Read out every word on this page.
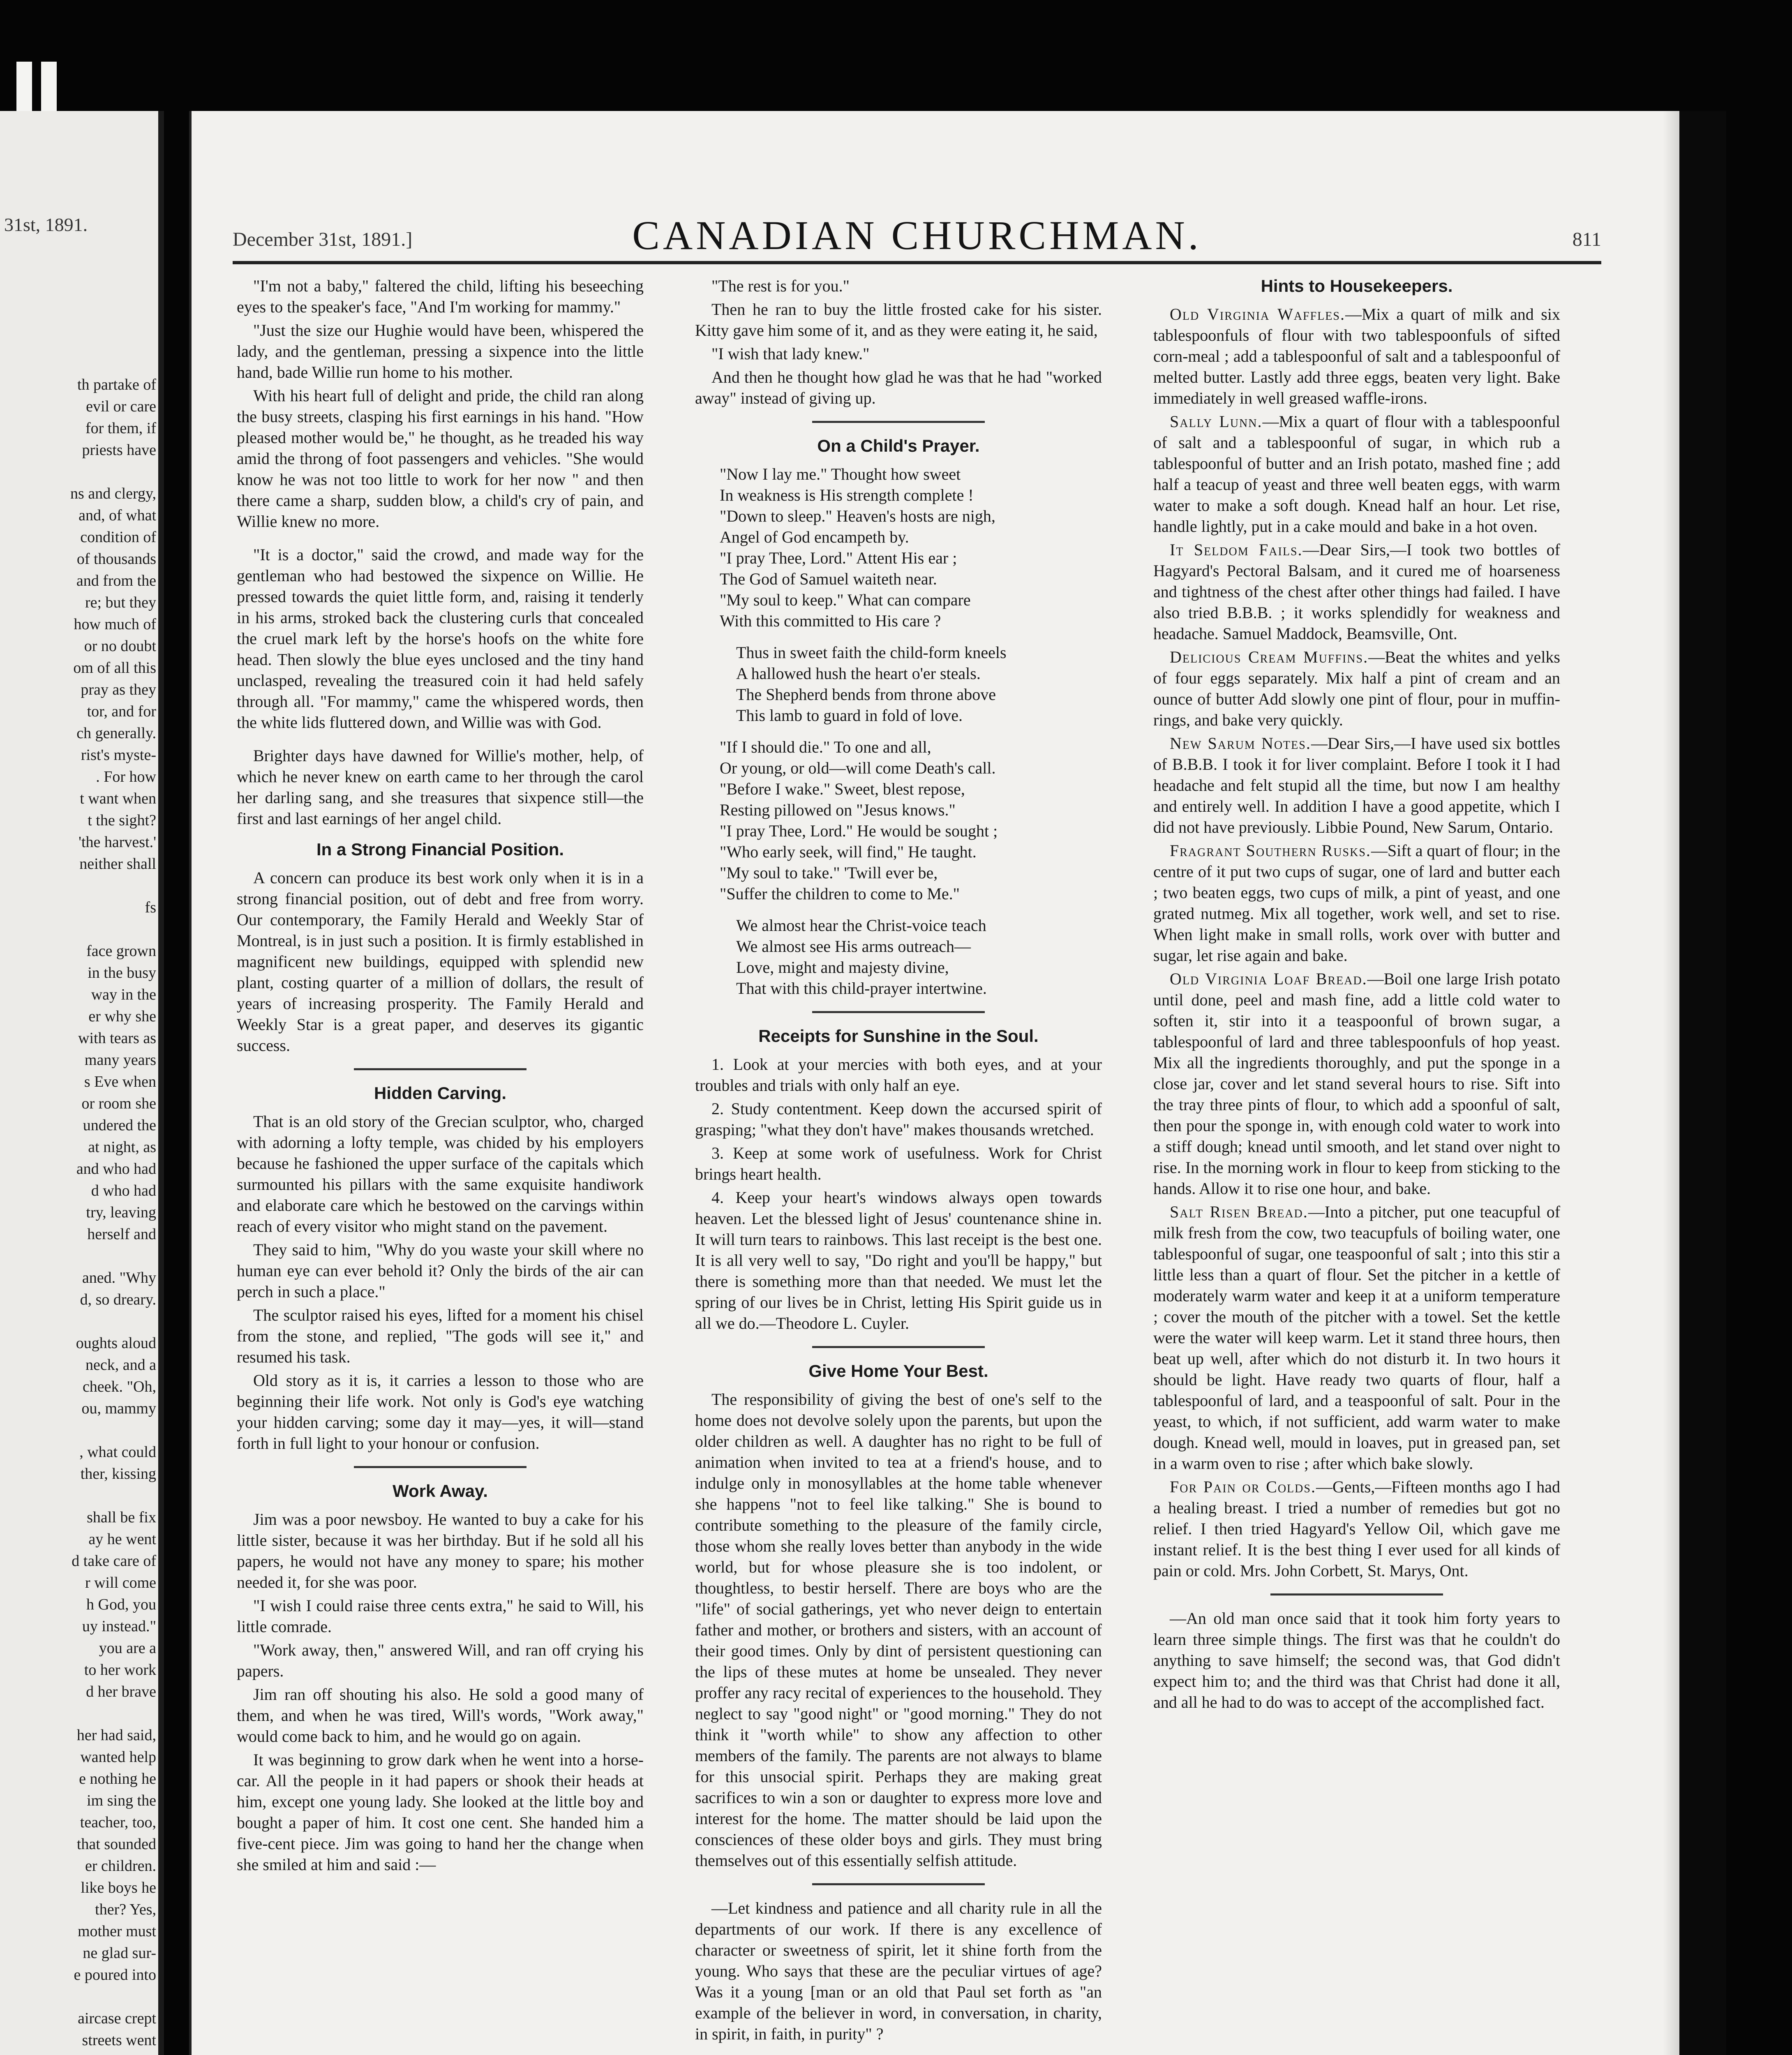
31st, 1891.
th partake of
evil or care
for them, if
priests have

ns and clergy,
and, of what
condition of
of thousands
and from the
re; but they
how much of
or no doubt
om of all this
pray as they
tor, and for
ch generally.
rist's myste-
. For how
t want when
t the sight?
'the harvest.'
neither shall

fs

face grown
in the busy
way in the
er why she
with tears as
many years
s Eve when
or room she
undered the
at night, as
and who had
d who had
try, leaving
herself and

aned. "Why
d, so dreary.

oughts aloud
neck, and a
cheek. "Oh,
ou, mammy

, what could
ther, kissing

shall be fix
ay he went
d take care of
r will come
h God, you
uy instead."
you are a
to her work
d her brave

her had said,
wanted help
e nothing he
im sing the
teacher, too,
that sounded
er children.
like boys he
ther? Yes,
mother must
ne glad sur-
e poured into

aircase crept
streets went

December 31st, 1891.]	CANADIAN CHURCHMAN.	811

"I'm not a baby," faltered the child, lifting his beseeching eyes to the speaker's face, "And I'm working for mammy."

"Just the size our Hughie would have been, whispered the lady, and the gentleman, pressing a sixpence into the little hand, bade Willie run home to his mother.

With his heart full of delight and pride, the child ran along the busy streets, clasping his first earnings in his hand. "How pleased mother would be," he thought, as he treaded his way amid the throng of foot passengers and vehicles. "She would know he was not too little to work for her now " and then there came a sharp, sudden blow, a child's cry of pain, and Willie knew no more.

"It is a doctor," said the crowd, and made way for the gentleman who had bestowed the sixpence on Willie. He pressed towards the quiet little form, and, raising it tenderly in his arms, stroked back the clustering curls that concealed the cruel mark left by the horse's hoofs on the white fore head. Then slowly the blue eyes unclosed and the tiny hand unclasped, revealing the treasured coin it had held safely through all. "For mammy," came the whispered words, then the white lids fluttered down, and Willie was with God.

Brighter days have dawned for Willie's mother, help, of which he never knew on earth came to her through the carol her darling sang, and she treasures that sixpence still—the first and last earnings of her angel child.

In a Strong Financial Position.

A concern can produce its best work only when it is in a strong financial position, out of debt and free from worry. Our contemporary, the Family Herald and Weekly Star of Montreal, is in just such a position. It is firmly established in magnificent new buildings, equipped with splendid new plant, costing quarter of a million of dollars, the result of years of increasing prosperity. The Family Herald and Weekly Star is a great paper, and deserves its gigantic success.

Hidden Carving.

That is an old story of the Grecian sculptor, who, charged with adorning a lofty temple, was chided by his employers because he fashioned the upper surface of the capitals which surmounted his pillars with the same exquisite handiwork and elaborate care which he bestowed on the carvings within reach of every visitor who might stand on the pavement.

They said to him, "Why do you waste your skill where no human eye can ever behold it? Only the birds of the air can perch in such a place."

The sculptor raised his eyes, lifted for a moment his chisel from the stone, and replied, "The gods will see it," and resumed his task.

Old story as it is, it carries a lesson to those who are beginning their life work. Not only is God's eye watching your hidden carving; some day it may—yes, it will—stand forth in full light to your honour or confusion.

Work Away.

Jim was a poor newsboy. He wanted to buy a cake for his little sister, because it was her birthday. But if he sold all his papers, he would not have any money to spare; his mother needed it, for she was poor.

"I wish I could raise three cents extra," he said to Will, his little comrade.

"Work away, then," answered Will, and ran off crying his papers.

Jim ran off shouting his also. He sold a good many of them, and when he was tired, Will's words, "Work away," would come back to him, and he would go on again.

It was beginning to grow dark when he went into a horse-car. All the people in it had papers or shook their heads at him, except one young lady. She looked at the little boy and bought a paper of him. It cost one cent. She handed him a five-cent piece. Jim was going to hand her the change when she smiled at him and said :—

"The rest is for you."

Then he ran to buy the little frosted cake for his sister. Kitty gave him some of it, and as they were eating it, he said,

"I wish that lady knew."

And then he thought how glad he was that he had "worked away" instead of giving up.

On a Child's Prayer.
"Now I lay me." Thought how sweet
In weakness is His strength complete !
"Down to sleep." Heaven's hosts are nigh,
Angel of God encampeth by.
"I pray Thee, Lord." Attent His ear ;
The God of Samuel waiteth near.
"My soul to keep." What can compare
With this committed to His care ?
Thus in sweet faith the child-form kneels
A hallowed hush the heart o'er steals.
The Shepherd bends from throne above
This lamb to guard in fold of love.
"If I should die." To one and all,
Or young, or old—will come Death's call.
"Before I wake." Sweet, blest repose,
Resting pillowed on "Jesus knows."
"I pray Thee, Lord." He would be sought ;
"Who early seek, will find," He taught.
"My soul to take." 'Twill ever be,
"Suffer the children to come to Me."
We almost hear the Christ-voice teach
We almost see His arms outreach—
Love, might and majesty divine,
That with this child-prayer intertwine.
Receipts for Sunshine in the Soul.

1. Look at your mercies with both eyes, and at your troubles and trials with only half an eye.

2. Study contentment. Keep down the accursed spirit of grasping; "what they don't have" makes thousands wretched.

3. Keep at some work of usefulness. Work for Christ brings heart health.

4. Keep your heart's windows always open towards heaven. Let the blessed light of Jesus' countenance shine in. It will turn tears to rainbows. This last receipt is the best one. It is all very well to say, "Do right and you'll be happy," but there is something more than that needed. We must let the spring of our lives be in Christ, letting His Spirit guide us in all we do.—Theodore L. Cuyler.

Give Home Your Best.

The responsibility of giving the best of one's self to the home does not devolve solely upon the parents, but upon the older children as well. A daughter has no right to be full of animation when invited to tea at a friend's house, and to indulge only in monosyllables at the home table whenever she happens "not to feel like talking." She is bound to contribute something to the pleasure of the family circle, those whom she really loves better than anybody in the wide world, but for whose pleasure she is too indolent, or thoughtless, to bestir herself. There are boys who are the "life" of social gatherings, yet who never deign to entertain father and mother, or brothers and sisters, with an account of their good times. Only by dint of persistent questioning can the lips of these mutes at home be unsealed. They never proffer any racy recital of experiences to the household. They neglect to say "good night" or "good morning." They do not think it "worth while" to show any affection to other members of the family. The parents are not always to blame for this unsocial spirit. Perhaps they are making great sacrifices to win a son or daughter to express more love and interest for the home. The matter should be laid upon the consciences of these older boys and girls. They must bring themselves out of this essentially selfish attitude.

—Let kindness and patience and all charity rule in all the departments of our work. If there is any excellence of character or sweetness of spirit, let it shine forth from the young. Who says that these are the peculiar virtues of age? Was it a young [man or an old that Paul set forth as "an example of the believer in word, in conversation, in charity, in spirit, in faith, in purity" ?

Hints to Housekeepers.

Old Virginia Waffles.—Mix a quart of milk and six tablespoonfuls of flour with two tablespoonfuls of sifted corn-meal ; add a tablespoonful of salt and a tablespoonful of melted butter. Lastly add three eggs, beaten very light. Bake immediately in well greased waffle-irons.

Sally Lunn.—Mix a quart of flour with a tablespoonful of salt and a tablespoonful of sugar, in which rub a tablespoonful of butter and an Irish potato, mashed fine ; add half a teacup of yeast and three well beaten eggs, with warm water to make a soft dough. Knead half an hour. Let rise, handle lightly, put in a cake mould and bake in a hot oven.

It Seldom Fails.—Dear Sirs,—I took two bottles of Hagyard's Pectoral Balsam, and it cured me of hoarseness and tightness of the chest after other things had failed. I have also tried B.B.B. ; it works splendidly for weakness and headache. Samuel Maddock, Beamsville, Ont.

Delicious Cream Muffins.—Beat the whites and yelks of four eggs separately. Mix half a pint of cream and an ounce of butter Add slowly one pint of flour, pour in muffin-rings, and bake very quickly.

New Sarum Notes.—Dear Sirs,—I have used six bottles of B.B.B. I took it for liver complaint. Before I took it I had headache and felt stupid all the time, but now I am healthy and entirely well. In addition I have a good appetite, which I did not have previously. Libbie Pound, New Sarum, Ontario.

Fragrant Southern Rusks.—Sift a quart of flour; in the centre of it put two cups of sugar, one of lard and butter each ; two beaten eggs, two cups of milk, a pint of yeast, and one grated nutmeg. Mix all together, work well, and set to rise. When light make in small rolls, work over with butter and sugar, let rise again and bake.

Old Virginia Loaf Bread.—Boil one large Irish potato until done, peel and mash fine, add a little cold water to soften it, stir into it a teaspoonful of brown sugar, a tablespoonful of lard and three tablespoonfuls of hop yeast. Mix all the ingredients thoroughly, and put the sponge in a close jar, cover and let stand several hours to rise. Sift into the tray three pints of flour, to which add a spoonful of salt, then pour the sponge in, with enough cold water to work into a stiff dough; knead until smooth, and let stand over night to rise. In the morning work in flour to keep from sticking to the hands. Allow it to rise one hour, and bake.

Salt Risen Bread.—Into a pitcher, put one teacupful of milk fresh from the cow, two teacupfuls of boiling water, one tablespoonful of sugar, one teaspoonful of salt ; into this stir a little less than a quart of flour. Set the pitcher in a kettle of moderately warm water and keep it at a uniform temperature ; cover the mouth of the pitcher with a towel. Set the kettle were the water will keep warm. Let it stand three hours, then beat up well, after which do not disturb it. In two hours it should be light. Have ready two quarts of flour, half a tablespoonful of lard, and a teaspoonful of salt. Pour in the yeast, to which, if not sufficient, add warm water to make dough. Knead well, mould in loaves, put in greased pan, set in a warm oven to rise ; after which bake slowly.

For Pain or Colds.—Gents,—Fifteen months ago I had a healing breast. I tried a number of remedies but got no relief. I then tried Hagyard's Yellow Oil, which gave me instant relief. It is the best thing I ever used for all kinds of pain or cold. Mrs. John Corbett, St. Marys, Ont.

—An old man once said that it took him forty years to learn three simple things. The first was that he couldn't do anything to save himself; the second was, that God didn't expect him to; and the third was that Christ had done it all, and all he had to do was to accept of the accomplished fact.
